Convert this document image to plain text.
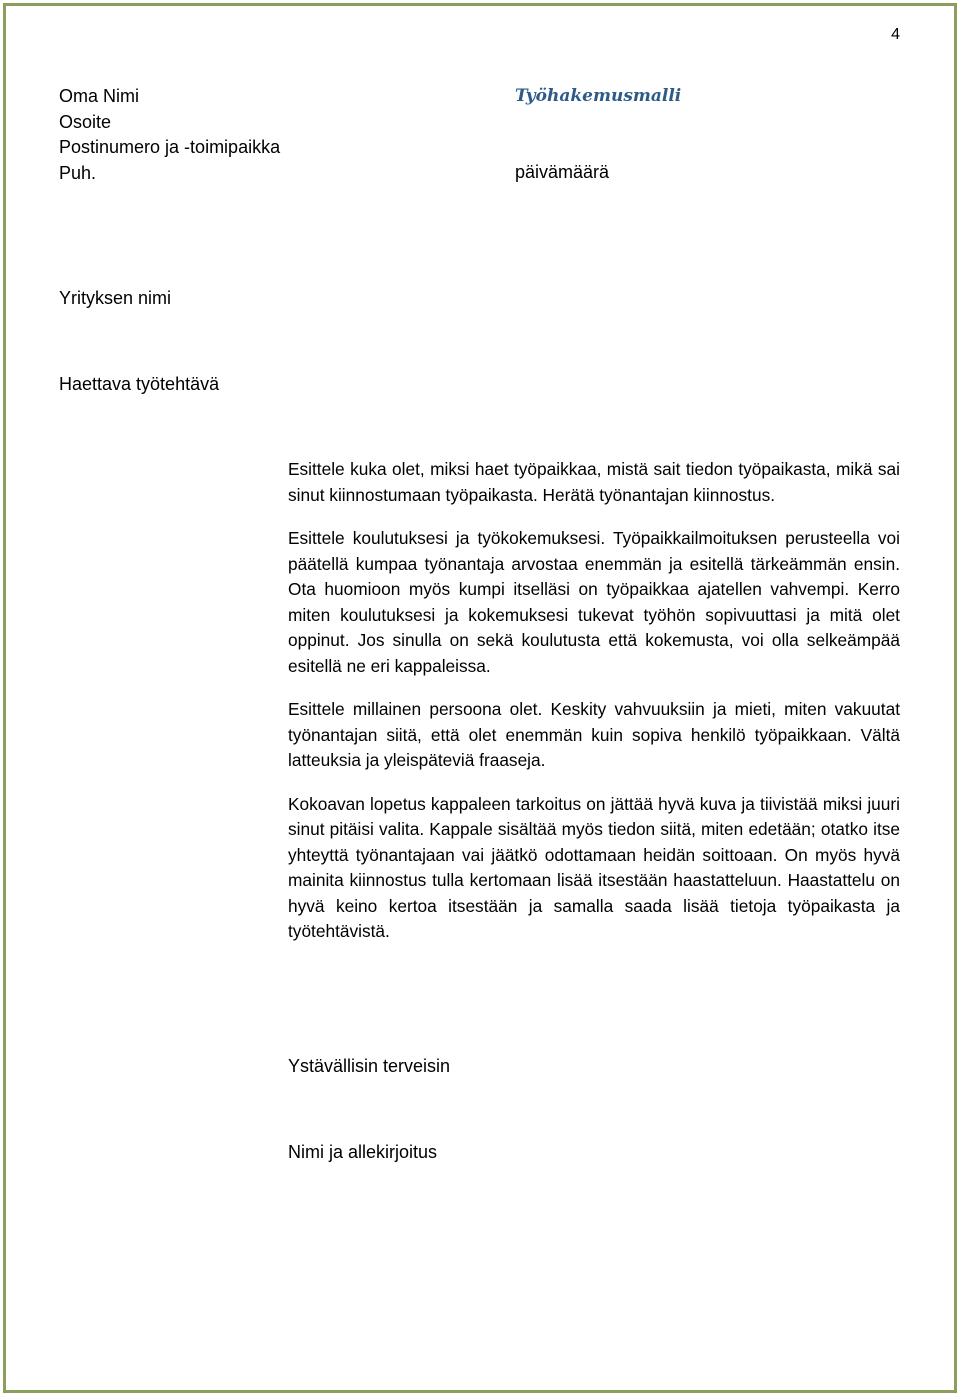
4
Oma Nimi
Osoite
Postinumero ja -toimipaikka
Puh.
Työhakemusmalli
päivämäärä
Yrityksen nimi
Haettava työtehtävä

Esittele kuka olet, miksi haet työpaikkaa, mistä sait tiedon työpaikasta, mikä sai sinut kiinnostumaan työpaikasta. Herätä työnantajan kiinnostus.

Esittele koulutuksesi ja työkokemuksesi. Työpaikkailmoituksen perusteella voi päätellä kumpaa työnantaja arvostaa enemmän ja esitellä tärkeämmän ensin. Ota huomioon myös kumpi itselläsi on työpaikkaa ajatellen vahvempi. Kerro miten koulutuksesi ja kokemuksesi tukevat työhön sopivuuttasi ja mitä olet oppinut. Jos sinulla on sekä koulutusta että kokemusta, voi olla selkeämpää esitellä ne eri kappaleissa.

Esittele millainen persoona olet. Keskity vahvuuksiin ja mieti, miten vakuutat työnantajan siitä, että olet enemmän kuin sopiva henkilö työpaikkaan. Vältä latteuksia ja yleispäteviä fraaseja.

Kokoavan lopetus kappaleen tarkoitus on jättää hyvä kuva ja tiivistää miksi juuri sinut pitäisi valita. Kappale sisältää myös tiedon siitä, miten edetään; otatko itse yhteyttä työnantajaan vai jäätkö odottamaan heidän soittoaan. On myös hyvä mainita kiinnostus tulla kertomaan lisää itsestään haastatteluun. Haastattelu on hyvä keino kertoa itsestään ja samalla saada lisää tietoja työpaikasta ja työtehtävistä.

Ystävällisin terveisin
Nimi ja allekirjoitus
